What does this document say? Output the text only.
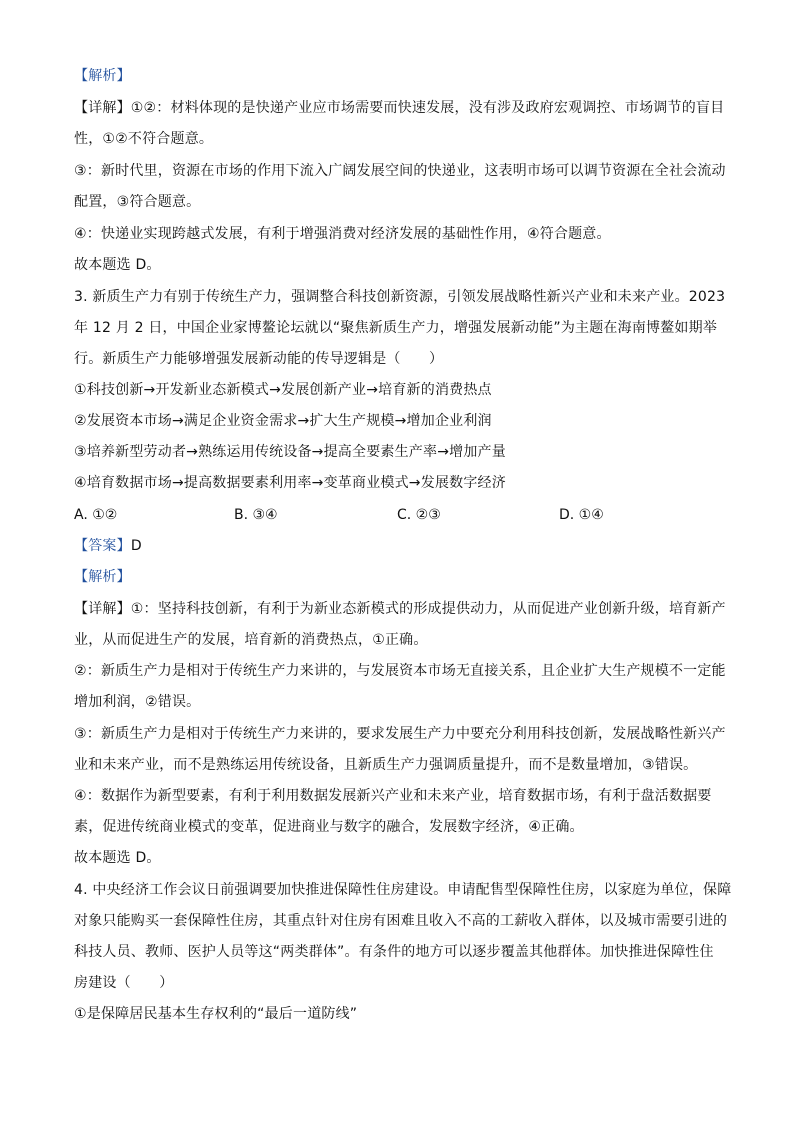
【解析】
【详解】①②：材料体现的是快递产业应市场需要而快速发展，没有涉及政府宏观调控、市场调节的盲目
性，①②不符合题意。
③：新时代里，资源在市场的作用下流入广阔发展空间的快递业，这表明市场可以调节资源在全社会流动
配置，③符合题意。
④：快递业实现跨越式发展，有利于增强消费对经济发展的基础性作用，④符合题意。
故本题选 D。
3. 新质生产力有别于传统生产力，强调整合科技创新资源，引领发展战略性新兴产业和未来产业。2023
年 12 月 2 日，中国企业家博鳌论坛就以“聚焦新质生产力，增强发展新动能”为主题在海南博鳌如期举
行。新质生产力能够增强发展新动能的传导逻辑是（　　）
①科技创新→开发新业态新模式→发展创新产业→培育新的消费热点
②发展资本市场→满足企业资金需求→扩大生产规模→增加企业利润
③培养新型劳动者→熟练运用传统设备→提高全要素生产率→增加产量
④培育数据市场→提高数据要素利用率→变革商业模式→发展数字经济
A. ①②	B. ③④	C. ②③	D. ①④
【答案】D
【解析】
【详解】①：坚持科技创新，有利于为新业态新模式的形成提供动力，从而促进产业创新升级，培育新产
业，从而促进生产的发展，培育新的消费热点，①正确。
②：新质生产力是相对于传统生产力来讲的，与发展资本市场无直接关系，且企业扩大生产规模不一定能
增加利润，②错误。
③：新质生产力是相对于传统生产力来讲的，要求发展生产力中要充分利用科技创新，发展战略性新兴产
业和未来产业，而不是熟练运用传统设备，且新质生产力强调质量提升，而不是数量增加，③错误。
④：数据作为新型要素，有利于利用数据发展新兴产业和未来产业，培育数据市场，有利于盘活数据要
素，促进传统商业模式的变革，促进商业与数字的融合，发展数字经济，④正确。
故本题选 D。
4. 中央经济工作会议日前强调要加快推进保障性住房建设。申请配售型保障性住房，以家庭为单位，保障
对象只能购买一套保障性住房，其重点针对住房有困难且收入不高的工薪收入群体，以及城市需要引进的
科技人员、教师、医护人员等这“两类群体”。有条件的地方可以逐步覆盖其他群体。加快推进保障性住
房建设（　　）
①是保障居民基本生存权利的“最后一道防线”
